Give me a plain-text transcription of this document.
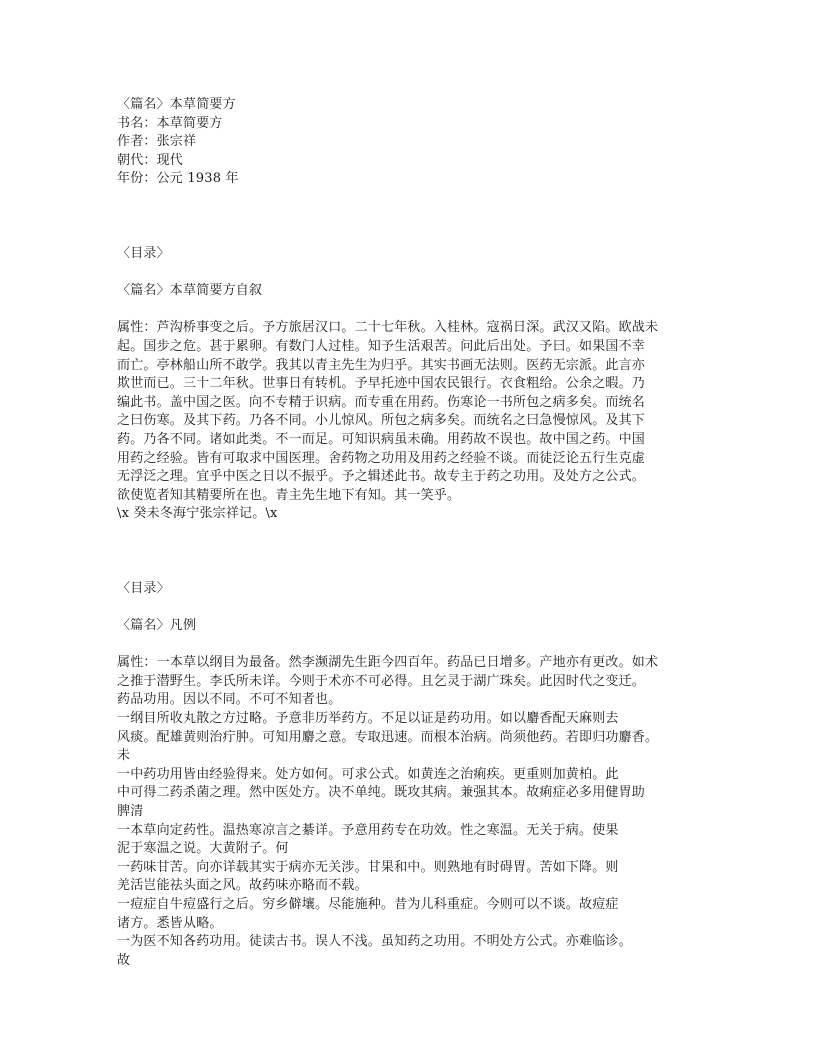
〈篇名〉本草简要方
书名：本草简要方
作者：张宗祥
朝代：现代
年份：公元 1938 年
〈目录〉
〈篇名〉本草简要方自叙
属性：芦沟桥事变之后。予方旅居汉口。二十七年秋。入桂林。寇祸日深。武汉又陷。欧战未
起。国步之危。甚于累卵。有数门人过桂。知予生活艰苦。问此后出处。予曰。如果国不幸
而亡。亭林船山所不敢学。我其以青主先生为归乎。其实书画无法则。医药无宗派。此言亦
欺世而已。三十二年秋。世事日有转机。予早托迹中国农民银行。衣食粗给。公余之暇。乃
编此书。盖中国之医。向不专精于识病。而专重在用药。伤寒论一书所包之病多矣。而统名
之曰伤寒。及其下药。乃各不同。小儿惊风。所包之病多矣。而统名之曰急慢惊风。及其下
药。乃各不同。诸如此类。不一而足。可知识病虽未确。用药故不误也。故中国之药。中国
用药之经验。皆有可取求中国医理。舍药物之功用及用药之经验不谈。而徒泛论五行生克虚
无浮泛之理。宜乎中医之日以不振乎。予之辑述此书。故专主于药之功用。及处方之公式。
欲使览者知其精要所在也。青主先生地下有知。其一笑乎。
\x 癸未冬海宁张宗祥记。\x
〈目录〉
〈篇名〉凡例
属性：一本草以纲目为最备。然李濒湖先生距今四百年。药品已日增多。产地亦有更改。如术
之推于潜野生。李氏所未详。今则于术亦不可必得。且乞灵于湖广珠矣。此因时代之变迁。
药品功用。因以不同。不可不知者也。
一纲目所收丸散之方过略。予意非历举药方。不足以证是药功用。如以麝香配天麻则去
风痰。配雄黄则治疔肿。可知用麝之意。专取迅速。而根本治病。尚须他药。若即归功麝香。
未
一中药功用皆由经验得来。处方如何。可求公式。如黄连之治痢疾。更重则加黄柏。此
中可得二药杀菌之理。然中医处方。决不单纯。既攻其病。兼强其本。故痢症必多用健胃助
脾清
一本草向定药性。温热寒凉言之綦详。予意用药专在功效。性之寒温。无关于病。使果
泥于寒温之说。大黄附子。何
一药味甘苦。向亦详载其实于病亦无关涉。甘果和中。则熟地有时碍胃。苦如下降。则
羌活岂能祛头面之风。故药味亦略而不载。
一痘症自牛痘盛行之后。穷乡僻壤。尽能施种。昔为儿科重症。今则可以不谈。故痘症
诸方。悉皆从略。
一为医不知各药功用。徒读古书。误人不浅。虽知药之功用。不明处方公式。亦难临诊。
故
